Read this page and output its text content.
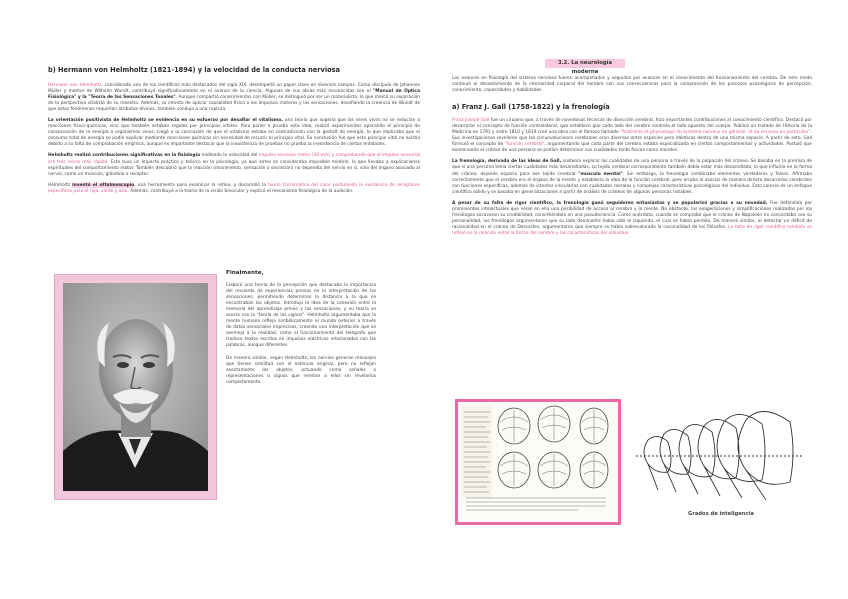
b) Hermann von Helmholtz (1821-1894) y la velocidad de la conducta nerviosa

Hermann von Helmholtz, considerado uno de los científicos más destacados del siglo XIX, desempeñó un papel clave en diversos campos. Como discípulo de Johannes Müller y mentor de Wilhelm Wundt, contribuyó significativamente en el avance de la ciencia. Algunas de sus obras más reconocidas son el "Manual de Óptica Fisiológica" y la "Teoría de las Sensaciones Tonales". Aunque compartió conocimientos con Müller, se distinguió por ser un materialista, lo que marcó su separación de la perspectiva vitalista de su maestro. Además, su intento de aplicar causalidad física a los impulsos motores y las sensaciones, desafiando la creencia de Wundt de que estos fenómenos requerían atributos divinos, también condujo a una ruptura.

La orientación positivista de Helmholtz se evidencia en su esfuerzo por desafiar el vitalismo, una teoría que sugería que los seres vivos no se reducían a reacciones físico-químicas, sino que también estaban regidos por principios vitales. Para poner a prueba esta idea, realizó experimentos aplicando el principio de conservación de la energía a organismos vivos. Llegó a la conclusión de que el vitalismo estaba en contradicción con la gestalt de energía, lo que implicaba que el consumo total de energía se podía explicar mediante reacciones químicas sin necesidad de recurrir al principio vital. Su conclusión fue que este principio vital no existía debido a su falta de comprobación empírica, aunque es importante destacar que la inexistencia de pruebas no prueba la inexistencia de ciertas entidades.

Helmholtz realizó contribuciones significativas en la fisiología midiendo la velocidad del impulso nervioso motor (30 m/s) y comprobando que el impulso sensorial era tres veces más rápido. Este tuvo un impacto práctico y teórico en la psicología, ya que antes se consideraba imposible medirlo, lo que llevaba a explicaciones espirituales del comportamiento motor. También descubrió que la reacción (movimiento, sensación o secreción) no dependía del nervio en sí, sino del órgano asociado al nervio, como un músculo, glándula o receptor.

Helmholtz inventó el oftalmoscopio, una herramienta para examinar la retina, y desarrolló la teoría tricromática del color postulando la existencia de receptores específicos para el rojo, verde y azul. Además, contribuyó a la teoría de la visión binocular y explicó el mecanismo fisiológico de la audición.

Finalmente,

Elaboró una teoría de la percepción que destacaba la importancia del recuerdo de experiencias previas en la interpretación de las sensaciones, permitiendo determinar la distancia a la que se encontraban los objetos. Introdujo la idea de la conexión entre la memoria del aprendizaje previo y las sensaciones, y su teoría se asocia con la "teoría de los signos". Helmholtz argumentaba que la mente humana refleja simbólicamente el mundo exterior a través de datos sensoriales imprecisos, creando una interpretación que se asemeja a la realidad, como el funcionamiento del telégrafo que traduce textos escritos en impulsos eléctricos relacionados con las palabras, aunque diferentes.

De manera similar, según Helmholtz, los nervios generan mensajes que tienen similitud con el estímulo original, pero no reflejan exactamente los objetos, actuando como señales o representaciones o signos que remiten a ellos sin revelarlos completamente.

3.2. La neurología moderna

Los avances en fisiología del sistema nervioso fueron acompañados y seguidos por avances en el conocimiento del funcionamiento del cerebro. De este modo continuó el desvelamiento de la interioridad corporal del hombre con sus consecuencias para la comprensión de los procesos psicológicos de percepción, conocimiento, capacidades y habilidades.

a) Franz J. Gall (1758-1822) y la frenología

Franz Joseph Gall fue un cirujano que, a través de novedosas técnicas de disección cerebral, hizo importantes contribuciones al conocimiento científico. Destacó por desarrollar el concepto de función contralateral, que establece que cada lado del cerebro controla el lado opuesto del cuerpo. Publicó un tratado de Historia de la Medicina en 1791 y entre 1810 y 1819 creó una obra con el famoso llamado "Anatomía et physiologie du système nerveux en général, et du cerveau en particulier". Sus investigaciones revelaron que las circunvoluciones cerebrales eran diversas entre especies pero idénticas dentro de una misma especie. A partir de esto, Gall formuló el concepto de "función cerebral", argumentando que cada parte del cerebro estaba especializada en ciertos comportamientos y actividades. Postuló que examinando el cráneo de una persona se podían determinar sus cualidades tanto físicas como morales.

La frenología, derivada de las ideas de Gall, sostenía explicar las cualidades de una persona a través de la palpación del cráneo. Se basaba en la premisa de que si una persona tenía ciertas cualidades más desarrolladas, su tejido cerebral correspondiente también debía estar más desarrollado, lo que influiría en la forma del cráneo, dejando espacio para ese tejido cerebral "músculo mental". Sin embargo, la frenología combinaba elementos verdaderos y falsos. Afirmaba correctamente que el cerebro era el órgano de la mente y establecía la idea de la función cerebral, pero erraba al asociar de manera directa desarrollos cerebrales con funciones específicas, además de intentar vincularlas con cualidades morales y complejas características psicológicas del individuo. Esto carecía de un enfoque científico sólido y se basaba en generalizaciones a partir de análisis de cráneos de algunas personas notables.

A pesar de su falta de rigor científico, la frenología ganó seguidores entusiastas y se popularizó gracias a su novedad. Fue defendida por prominentes intelectuales que veían en ella una posibilidad de acceso al cerebro y la mente. No obstante, las exageraciones y simplificaciones realizadas por los frenólogos socavaron su credibilidad, convirtiéndola en una pseudociencia. Como anécdota, cuando se comprobó que el cráneo de Napoleón no concordaba con su personalidad, los frenólogos argumentaron que su lado dominante había sido el izquierdo, el cual se había perdido. De manera similar, al detectar un déficit de racionalidad en el cráneo de Descartes, argumentaron que siempre se había sobrevalorado la racionalidad de los filósofos. La falta de rigor científico también se reflejó en la relación entre la forma del cerebro y las características del individuo.

Grados de inteligencia
